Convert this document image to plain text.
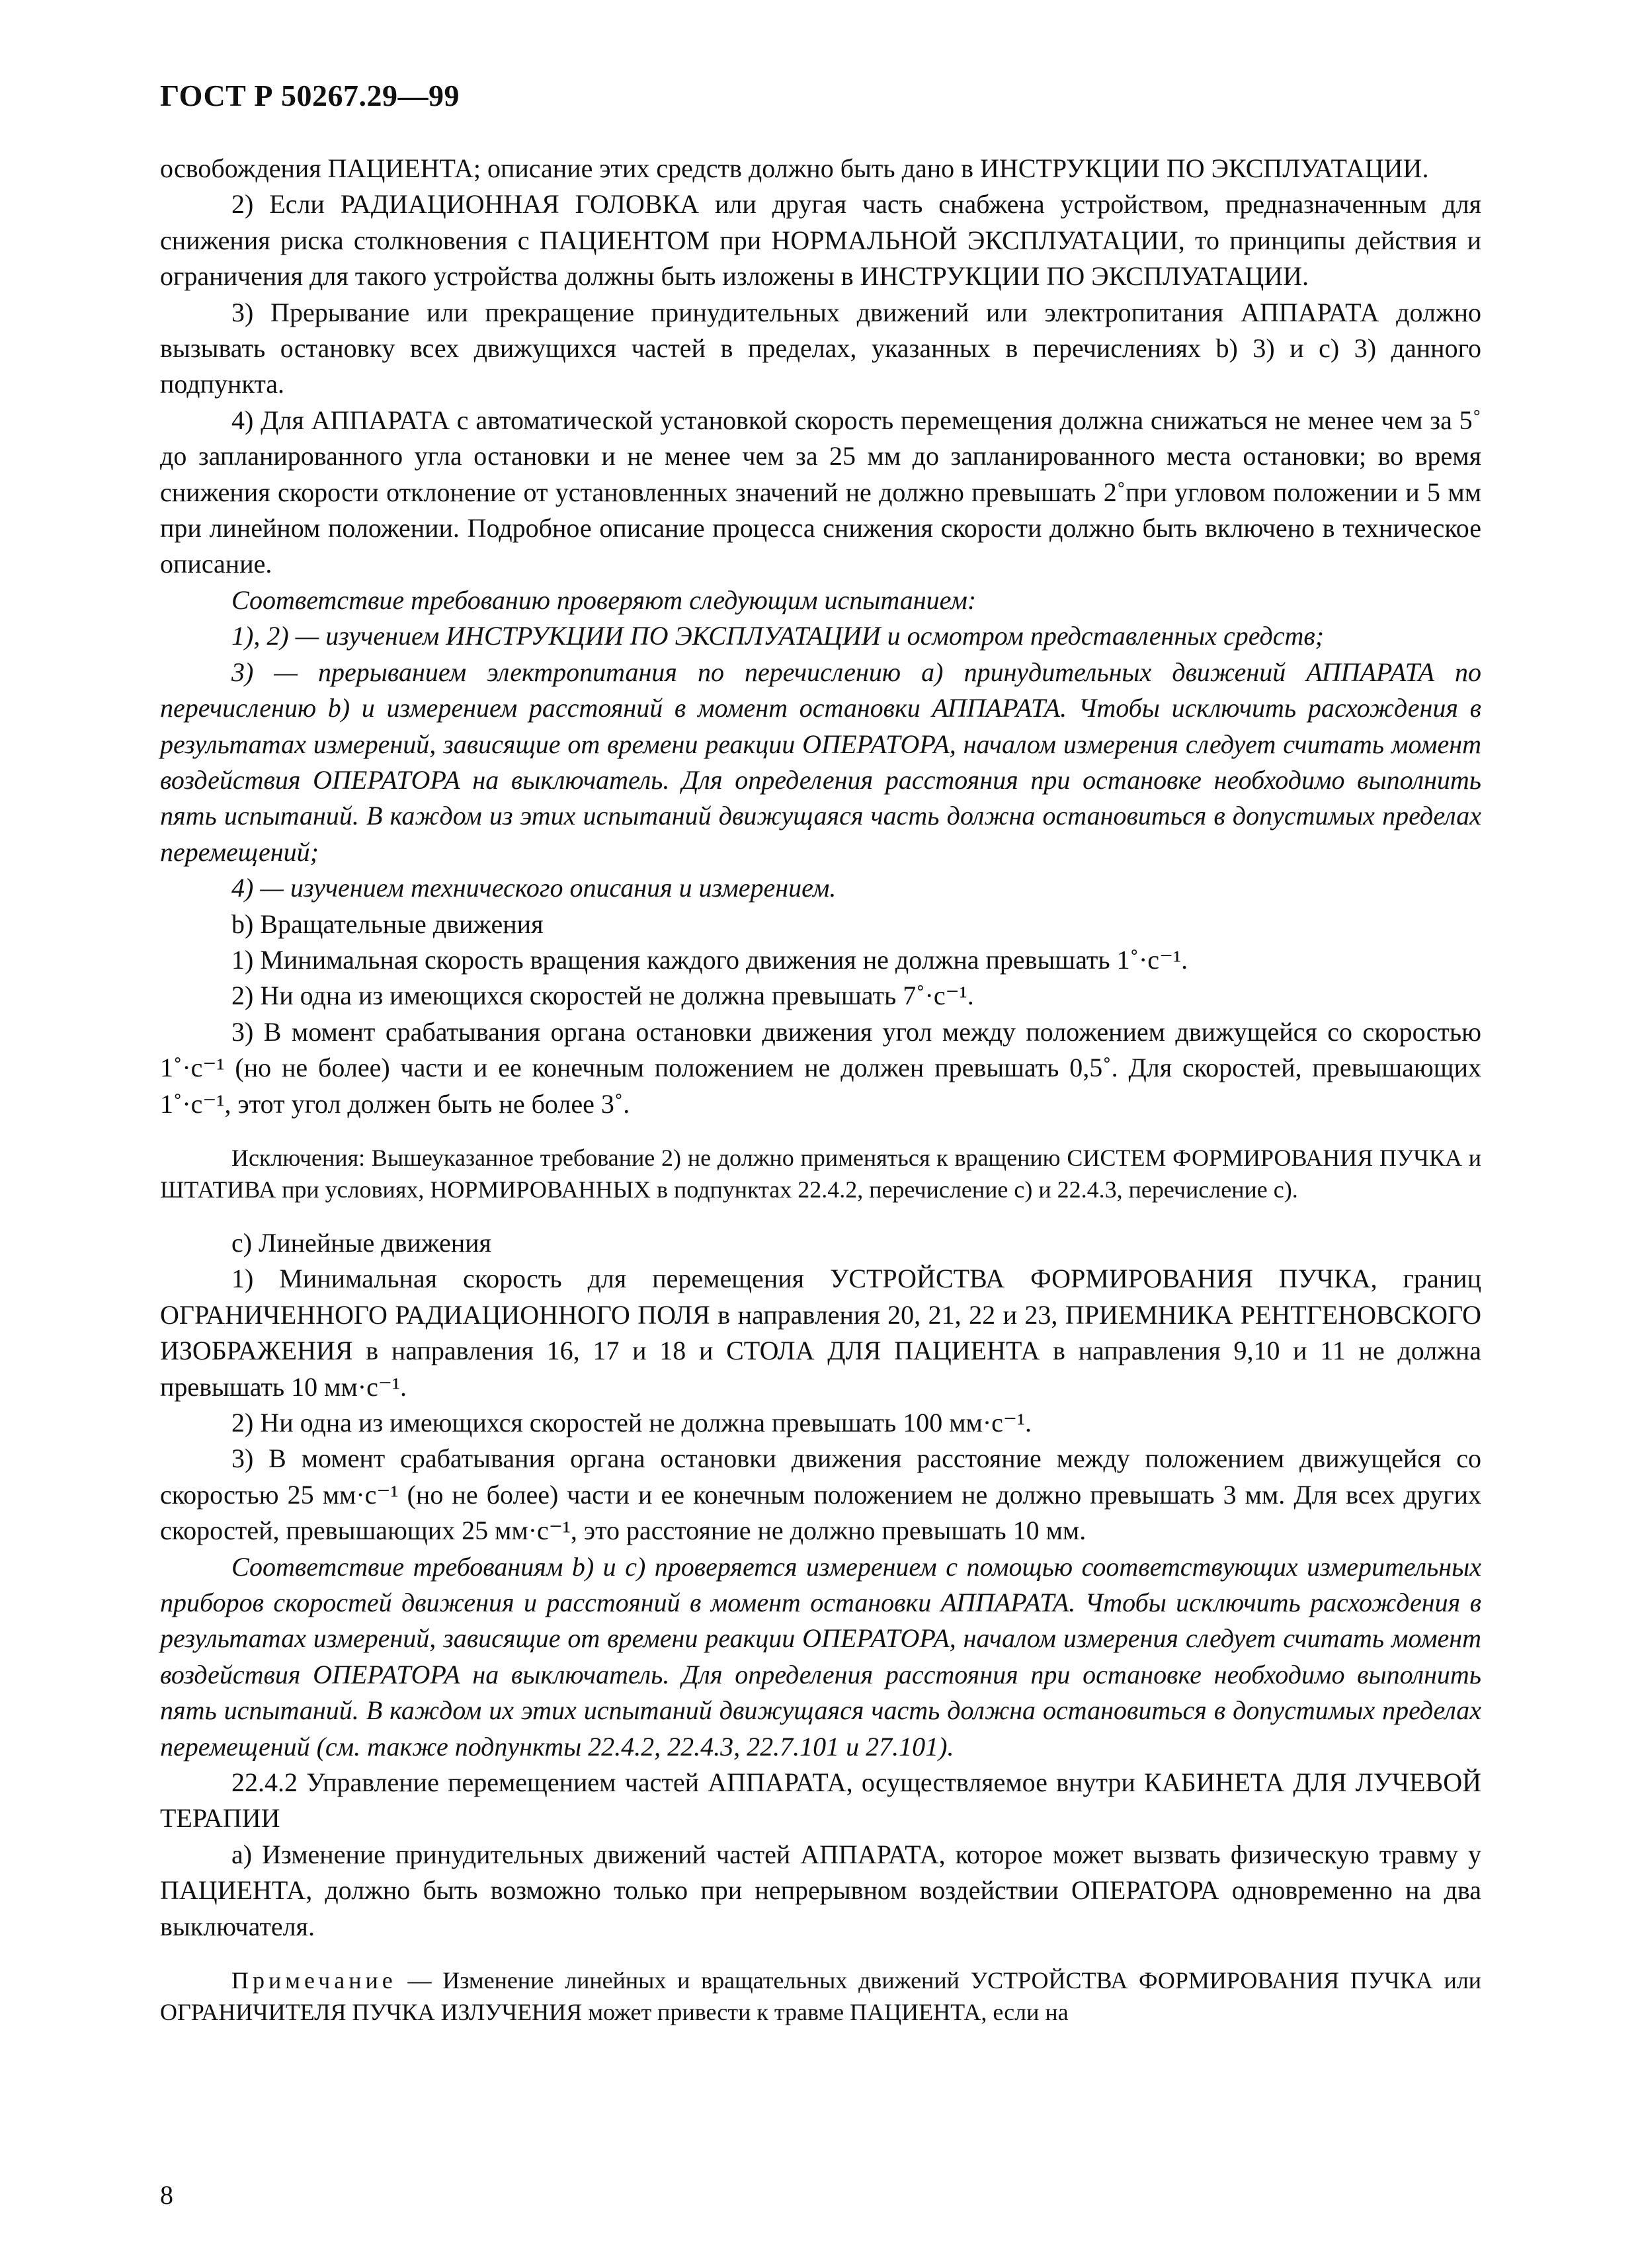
ГОСТ Р 50267.29—99

освобождения ПАЦИЕНТА; описание этих средств должно быть дано в ИНСТРУКЦИИ ПО ЭКСПЛУАТАЦИИ.

2) Если РАДИАЦИОННАЯ ГОЛОВКА или другая часть снабжена устройством, предназначенным для снижения риска столкновения с ПАЦИЕНТОМ при НОРМАЛЬНОЙ ЭКСПЛУАТАЦИИ, то принципы действия и ограничения для такого устройства должны быть изложены в ИНСТРУКЦИИ ПО ЭКСПЛУАТАЦИИ.

3) Прерывание или прекращение принудительных движений или электропитания АППАРАТА должно вызывать остановку всех движущихся частей в пределах, указанных в перечислениях b) 3) и c) 3) данного подпункта.

4) Для АППАРАТА с автоматической установкой скорость перемещения должна снижаться не менее чем за 5˚ до запланированного угла остановки и не менее чем за 25 мм до запланированного места остановки; во время снижения скорости отклонение от установленных значений не должно превышать 2˚при угловом положении и 5 мм при линейном положении. Подробное описание процесса снижения скорости должно быть включено в техническое описание.

Соответствие требованию проверяют следующим испытанием:

1), 2) — изучением ИНСТРУКЦИИ ПО ЭКСПЛУАТАЦИИ и осмотром представленных средств;

3) — прерыванием электропитания по перечислению а) принудительных движений АППАРАТА по перечислению b) и измерением расстояний в момент остановки АППАРАТА. Чтобы исключить расхождения в результатах измерений, зависящие от времени реакции ОПЕРАТОРА, началом измерения следует считать момент воздействия ОПЕРАТОРА на выключатель. Для определения расстояния при остановке необходимо выполнить пять испытаний. В каждом из этих испытаний движущаяся часть должна остановиться в допустимых пределах перемещений;

4) — изучением технического описания и измерением.

b) Вращательные движения

1) Минимальная скорость вращения каждого движения не должна превышать 1˚·с⁻¹.

2) Ни одна из имеющихся скоростей не должна превышать 7˚·с⁻¹.

3) В момент срабатывания органа остановки движения угол между положением движущейся со скоростью 1˚·с⁻¹ (но не более) части и ее конечным положением не должен превышать 0,5˚. Для скоростей, превышающих 1˚·с⁻¹, этот угол должен быть не более 3˚.

Исключения: Вышеуказанное требование 2) не должно применяться к вращению СИСТЕМ ФОРМИРОВАНИЯ ПУЧКА и ШТАТИВА при условиях, НОРМИРОВАННЫХ в подпунктах 22.4.2, перечисление с) и 22.4.3, перечисление с).

с) Линейные движения

1) Минимальная скорость для перемещения УСТРОЙСТВА ФОРМИРОВАНИЯ ПУЧКА, границ ОГРАНИЧЕННОГО РАДИАЦИОННОГО ПОЛЯ в направления 20, 21, 22 и 23, ПРИЕМНИКА РЕНТГЕНОВСКОГО ИЗОБРАЖЕНИЯ в направления 16, 17 и 18 и СТОЛА ДЛЯ ПАЦИЕНТА в направления 9,10 и 11 не должна превышать 10 мм·с⁻¹.

2) Ни одна из имеющихся скоростей не должна превышать 100 мм·с⁻¹.

3) В момент срабатывания органа остановки движения расстояние между положением движущейся со скоростью 25 мм·с⁻¹ (но не более) части и ее конечным положением не должно превышать 3 мм. Для всех других скоростей, превышающих 25 мм·с⁻¹, это расстояние не должно превышать 10 мм.

Соответствие требованиям b) и с) проверяется измерением с помощью соответствующих измерительных приборов скоростей движения и расстояний в момент остановки АППАРАТА. Чтобы исключить расхождения в результатах измерений, зависящие от времени реакции ОПЕРАТОРА, началом измерения следует считать момент воздействия ОПЕРАТОРА на выключатель. Для определения расстояния при остановке необходимо выполнить пять испытаний. В каждом их этих испытаний движущаяся часть должна остановиться в допустимых пределах перемещений (см. также подпункты 22.4.2, 22.4.3, 22.7.101 и 27.101).

22.4.2 Управление перемещением частей АППАРАТА, осуществляемое внутри КАБИНЕТА ДЛЯ ЛУЧЕВОЙ ТЕРАПИИ

а) Изменение принудительных движений частей АППАРАТА, которое может вызвать физическую травму у ПАЦИЕНТА, должно быть возможно только при непрерывном воздействии ОПЕРАТОРА одновременно на два выключателя.

Примечание — Изменение линейных и вращательных движений УСТРОЙСТВА ФОРМИРОВАНИЯ ПУЧКА или ОГРАНИЧИТЕЛЯ ПУЧКА ИЗЛУЧЕНИЯ может привести к травме ПАЦИЕНТА, если на

8
